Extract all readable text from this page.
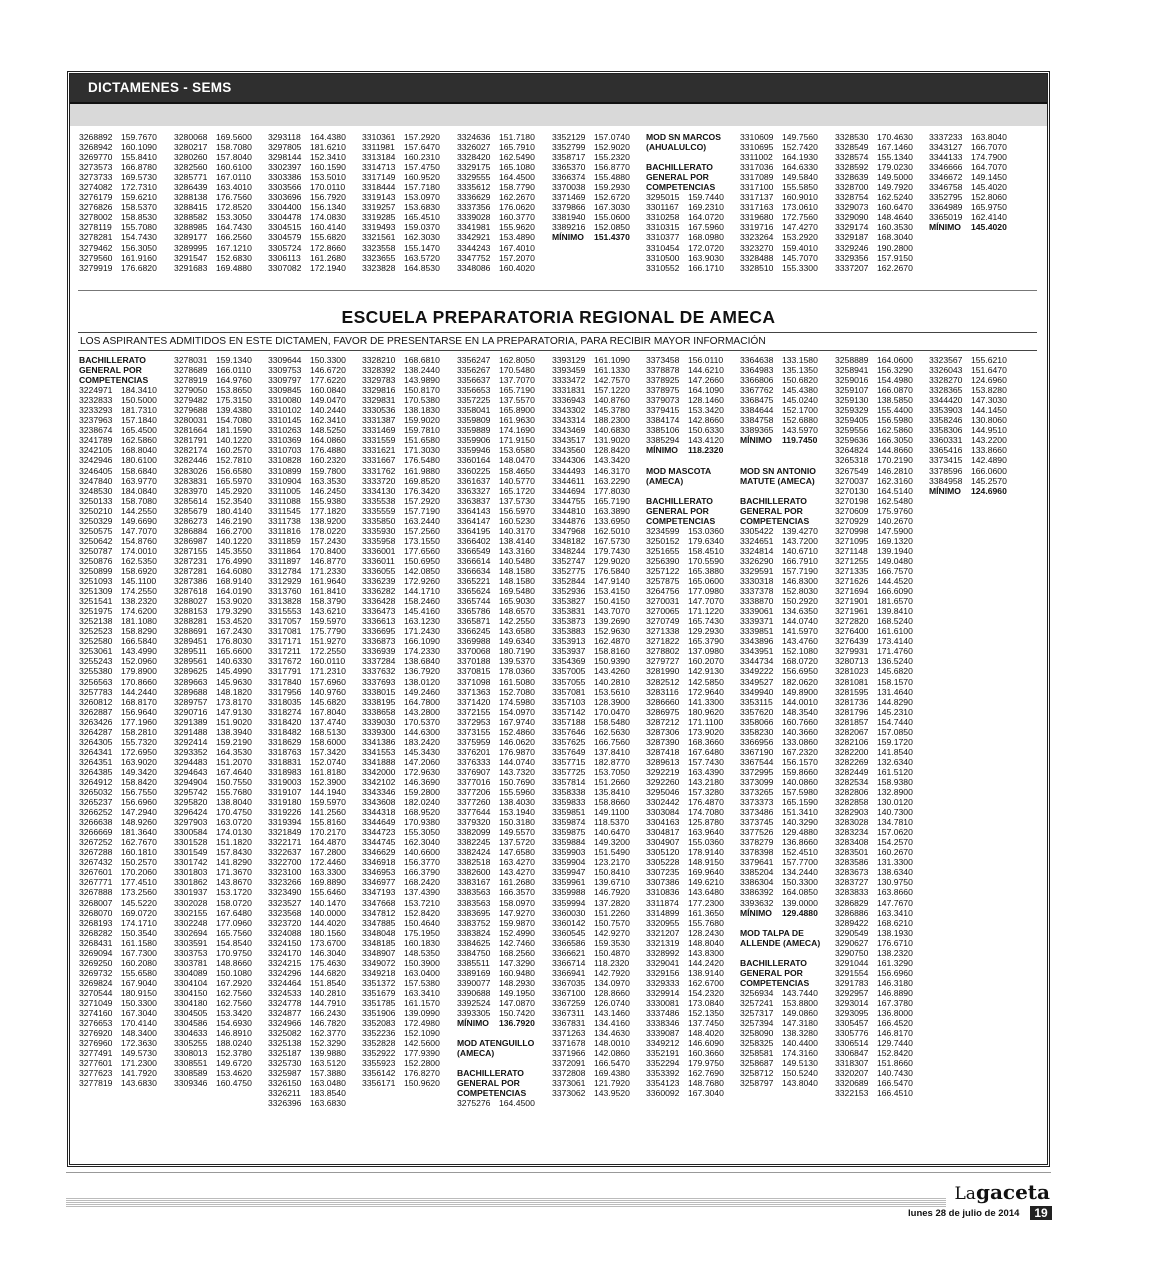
DICTAMENES - SEMS
3268892 159.7670
3268942 160.1090
3269770 155.8410
3273573 166.8780
3273733 169.5730
3274082 172.7310
3276179 159.6210
3276826 158.5370
3278002 158.8530
3278119 155.7080
3278281 154.7430
3279462 156.3050
3279560 161.9160
3279919 176.6820
3280068 169.5600
3280217 158.7080
3280260 157.8040
3282560 160.6100
3285771 167.0110
3286439 163.4010
3288138 176.7560
3288415 172.8520
3288582 153.3050
3288985 164.7430
3289177 166.2560
3289995 167.1210
3291547 152.6830
3291683 169.4880
3293118 164.4380
3297805 181.6210
3298144 152.3410
3302397 160.1590
3303386 153.5010
3303566 170.0110
3303696 156.7920
3304400 156.1340
3304478 174.0830
3304515 160.4140
3304579 155.6820
3305724 172.8660
3306113 161.2680
3307082 172.1940
3310361 157.2920
3311981 157.6470
3313184 160.2310
3314713 157.4750
3317149 160.9520
3318444 157.7180
3319143 153.0970
3319257 153.6830
3319285 165.4510
3319493 159.0370
3321561 162.3030
3323558 155.1470
3323655 163.5720
3323828 164.8530
3324636 151.7180
3326027 165.7910
3328420 162.5490
3329175 165.1080
3329555 164.4500
3335612 158.7790
3336629 162.2670
3337356 176.0620
3339028 160.3770
3341981 155.9620
3342921 153.4890
3344243 167.4010
3347752 157.2070
3348086 160.4020
3352129 157.0740
3352799 152.9020
3358717 155.2320
3365370 156.8770
3366374 155.4880
3370038 159.2930
3371469 152.6720
3379866 167.3030
3381940 155.0600
3389216 152.0850
MÍNIMO 151.4370
MOD SN MARCOS
(AHUALULCO)
BACHILLERATO
GENERAL POR
COMPETENCIAS
3295015 159.7440
3301167 169.2310
3310258 164.0720
3310315 167.5960
3310377 168.0980
3310454 172.0720
3310500 163.9030
3310552 166.1710
3310609 149.7560
3310695 152.7420
3311002 164.1930
3317036 164.6330
3317089 149.5840
3317100 155.5850
3317137 160.9010
3317163 173.0610
3319680 172.7560
3319716 147.4270
3323264 153.2920
3323270 159.4010
3328488 145.7070
3328510 155.3300
3328530 170.4630
3328549 167.1460
3328574 155.1340
3328592 179.0230
3328639 149.5000
3328700 149.7920
3328754 162.5240
3329073 160.6470
3329090 148.4640
3329174 160.3530
3329187 168.3040
3329246 190.2800
3329356 157.9150
3337207 162.2670
3337233 163.8040
3343127 166.7070
3344133 174.7900
3346666 164.7070
3346672 149.1450
3346758 145.4020
3352795 152.8060
3364989 165.9750
3365019 162.4140
MÍNIMO 145.4020
ESCUELA PREPARATORIA REGIONAL DE AMECA
LOS ASPIRANTES ADMITIDOS EN ESTE DICTAMEN, FAVOR DE PRESENTARSE EN LA PREPARATORIA, PARA RECIBIR MAYOR INFORMACIÓN
BACHILLERATO
GENERAL POR
COMPETENCIAS
3224971 184.3410
3232833 150.5000
3233293 181.7310
3237963 157.1840
3238674 165.4500
3241789 162.5860
3242105 168.8040
3242946 180.6100
3246405 158.6840
3247840 163.9770
3248530 184.0840
3250133 158.7080
3250210 144.2550
3250329 149.6690
3250575 147.7070
3250642 154.8760
3250787 174.0010
3250876 162.5350
3250899 158.6920
3251093 145.1100
3251309 174.2550
3251541 138.2320
3251975 174.6200
3252138 181.1080
3252523 158.8290
3252580 166.5840
3253061 143.4990
3255243 152.0960
3255380 179.8900
3256563 170.8660
3257783 144.2440
3260812 168.8170
3262887 156.9640
3263426 177.1960
3264287 158.2810
3264305 155.7320
3264341 172.6950
3264351 163.9020
3264385 149.3420
3264912 158.8420
3265032 156.7550
3265237 156.6960
3266252 147.2940
3266638 148.9260
3266669 181.3640
3267252 162.7670
3267288 160.1810
3267432 150.2570
3267601 170.2060
3267771 177.4510
3267888 173.2560
3268007 145.5220
3268070 169.0720
3268193 174.1710
3268282 150.3540
3268431 161.1580
3269094 167.7300
3269250 160.2080
3269732 155.6580
3269824 167.9040
3270544 180.9150
3271049 150.3300
3274160 167.3040
3276653 170.4140
3276920 148.3400
3276960 172.3630
3277491 149.5730
3277601 171.2300
3277623 141.7920
3277819 143.6830
3278031 159.1340
3278689 166.0110
3278919 164.9760
3279050 153.8650
3279482 175.3150
3279688 139.4380
3280031 154.7080
3281664 181.1590
3281791 140.1220
3282174 160.2570
3282446 152.7810
3283026 156.6580
3283831 165.5970
3283970 145.2920
3285614 152.3540
3285679 180.4140
3286273 146.2190
3286884 166.2700
3286987 140.1220
3287155 145.3550
3287231 176.4990
3287281 164.6080
3287386 168.9140
3287618 164.0190
3288027 153.9020
3288153 179.3290
3288281 153.4520
3288691 167.2430
3289451 176.8030
3289511 165.6600
3289561 140.6330
3289625 145.4990
3289663 145.9630
3289688 148.1820
3289757 173.8170
3290716 147.9130
3291389 151.9020
3291488 138.3940
3292414 159.2190
3293352 164.3530
3294483 151.2070
3294643 167.4640
3294904 150.7550
3295742 155.7680
3295820 138.8040
3296424 170.4750
3297903 163.0720
3300584 174.0130
3301528 151.1820
3301549 157.8430
3301742 141.8290
3301803 171.3670
3301862 143.8670
3301937 153.1720
3302028 158.0720
3302155 167.6480
3302248 177.0960
3302694 165.7560
3303591 154.8540
3303753 170.9750
3303781 148.8660
3304089 150.1080
3304104 167.2920
3304150 162.7560
3304180 162.7560
3304505 153.3420
3304586 154.6930
3304633 146.8910
3305255 188.0240
3308013 152.3780
3308551 149.6720
3308589 153.4620
3309346 160.4750
3309644 150.3300
3309753 146.6720
3309797 177.6220
3309845 160.0840
3310080 149.0470
3310102 140.2440
3310145 162.3410
3310263 148.5250
3310369 164.0860
3310703 176.4880
3310828 160.2320
3310899 159.7800
3310904 163.3530
3311005 146.2450
3311088 155.9380
3311545 177.1820
3311738 138.9200
3311816 178.0220
3311859 157.2430
3311864 170.8400
3311897 146.8770
3312784 171.2330
3312929 161.9640
3313760 161.8410
3313828 158.3790
3315553 143.6210
3317057 159.5970
3317081 175.7790
3317171 151.9270
3317211 172.2550
3317672 160.0110
3317791 171.2310
3317840 157.6960
3317956 140.9760
3318035 145.6820
3318274 167.8040
3318420 137.4740
3318482 168.5130
3318629 158.6000
3318763 157.3420
3318831 152.0740
3318983 161.8180
3319003 152.3900
3319107 144.1940
3319180 159.5970
3319226 141.2560
3319394 155.8160
3321849 170.2170
3322171 164.4870
3322637 167.2800
3322700 172.4460
3323100 163.3300
3323266 169.8890
3323490 155.6460
3323527 140.1470
3323568 140.0000
3323720 144.4020
3324088 180.1560
3324150 173.6700
3324170 146.3040
3324215 175.4630
3324296 144.6820
3324464 151.8540
3324533 140.2810
3324778 144.7910
3324877 166.2430
3324966 146.7820
3325082 162.3770
3325138 152.3290
3325187 139.9880
3325730 163.5120
3325987 157.3880
3326150 163.0480
3326211 183.8540
3326396 163.6830
3328210 168.6810
3328392 138.2440
3329783 143.9890
3329816 150.8170
3329831 170.5380
3330536 138.1830
3331387 159.9020
3331469 159.7810
3331559 151.6580
3331621 171.3030
3331667 176.5480
3331762 161.9880
3333720 169.8520
3334130 176.3420
3335538 157.2920
3335559 157.7190
3335850 163.2440
3335930 157.2560
3335958 173.1550
3336001 177.6560
3336011 150.6950
3336055 142.0850
3336239 172.9260
3336282 144.1710
3336428 158.2460
3336473 145.4160
3336613 163.1230
3336695 171.2430
3336873 166.1090
3336939 174.2330
3337284 138.6840
3337632 136.7920
3337693 138.0120
3338015 149.2460
3338195 164.7800
3338658 143.2800
3339030 170.5370
3339300 144.6300
3341386 183.2420
3341553 145.3430
3341888 147.2060
3342000 172.9630
3342102 146.3690
3343346 159.2800
3343608 182.0240
3344318 168.9520
3344649 170.9380
3344723 155.3050
3344745 162.3040
3346629 140.6600
3346918 156.3770
3346953 166.3790
3346977 168.2420
3347193 137.4390
3347668 153.7210
3347812 152.8420
3347885 150.4640
3348048 175.1950
3348185 160.1830
3348907 148.5350
3349072 150.3900
3349218 163.0400
3351372 157.5380
3351679 163.3410
3351785 161.1570
3351906 139.0990
3352083 172.4980
3352236 152.1090
3352828 142.5600
3352922 177.9390
3355923 152.2800
3356142 176.8270
3356171 150.9620
3356247 162.8050
3356267 170.5480
3356637 137.7070
3356653 165.7190
3357225 137.5570
3358041 165.8900
3359809 161.9630
3359889 174.1690
3359906 171.9150
3359946 153.6580
3360164 148.0470
3360225 158.4650
3361637 140.5770
3363327 165.1720
3363837 137.5730
3364143 156.5970
3364147 160.5230
3364195 140.3170
3366402 138.4140
3366549 143.3160
3366614 140.5480
3366634 148.1580
3365221 148.1580
3365624 169.5480
3365744 165.9030
3365786 148.6570
3365871 142.2550
3366245 143.6580
3369988 149.6340
3370068 180.7190
3370188 139.5370
3370815 178.0360
3371098 161.5080
3371363 152.7080
3371420 174.5980
3372155 154.0970
3372953 167.9740
3373155 152.4860
3375959 146.0620
3376201 176.9870
3376333 144.0740
3376907 143.7320
3377016 150.7690
3377206 155.5960
3377260 138.4030
3377644 153.1940
3379320 150.3180
3382099 149.5570
3382245 137.5720
3382424 147.6580
3382518 163.4270
3382600 143.4270
3383167 161.2680
3383563 166.3570
3383563 158.0970
3383695 147.9270
3383752 159.9870
3383824 152.4990
3384625 142.7460
3384750 168.2560
3385511 147.3290
3389169 160.9480
3390077 148.2930
3390688 149.1950
3392524 147.0870
3393305 150.7420
MÍNIMO 136.7920
MOD ATENGUILLO
(AMECA)
BACHILLERATO
GENERAL POR
COMPETENCIAS
3275276 164.4500
3393129 161.1090
3393459 161.1330
3333472 142.7570
3331831 157.1220
3336943 140.8760
3343302 145.3780
3343314 188.2300
3343469 140.6830
3343517 131.9020
3343560 128.8420
3344306 143.3420
3344493 146.3170
3344611 163.2290
3344694 177.8030
3344755 165.7190
3344810 163.3890
3344876 133.6950
3347968 162.5010
3348182 167.5730
3348244 179.7430
3352747 129.9020
3352775 176.5840
3352844 147.9140
3352936 153.4150
3353827 150.4150
3353831 143.7070
3353873 139.2690
3353883 152.9630
3353913 162.4870
3353937 158.8160
3354369 150.9390
3357005 143.4260
3357055 140.2810
3357081 153.5610
3357103 128.3900
3357142 170.0470
3357188 158.5480
3357646 162.5630
3357625 166.7560
3357649 137.8410
3357715 182.8770
3357725 153.7050
3357814 151.2660
3358338 135.8410
3359833 158.8660
3359851 149.1100
3359874 118.5370
3359875 140.6470
3359884 149.3200
3359903 151.5490
3359904 123.2170
3359947 150.8410
3359961 139.6710
3359988 146.7920
3359994 137.2820
3360030 151.2260
3360142 150.7570
3360545 142.9270
3366586 159.3530
3366621 150.4870
3366714 118.2320
3366941 142.7920
3367035 134.0970
3367100 128.8660
3367259 126.0740
3367311 143.1460
3367831 134.4160
3371263 134.4630
3371678 148.0010
3371966 142.0860
3372091 166.5470
3372808 169.4380
3373061 121.7920
3373062 143.9520
3373458 156.0110
3378878 144.6210
3378925 147.2660
3378975 164.1090
3379073 128.1460
3379415 153.3420
3384174 142.8660
3385106 150.6330
3385294 143.4120
MÍNIMO 118.2320
MOD MASCOTA
(AMECA)
BACHILLERATO
GENERAL POR
COMPETENCIAS
3234599 153.0360
3250152 179.6340
3251655 158.4510
3256390 170.5590
3257122 165.3880
3257875 165.0600
3264756 177.0980
3270031 147.7070
3270065 171.1220
3270749 165.7430
3271338 129.2930
3271822 165.3790
3278802 137.0980
3279727 160.2070
3281990 142.9130
3282512 142.5850
3283116 172.9640
3286660 141.3300
3286975 180.9620
3287212 171.1100
3287306 173.9020
3287390 168.3660
3287418 167.6480
3289613 157.7430
3292219 163.4390
3292260 143.2180
3295046 157.3280
3302442 176.4870
3303084 174.7080
3304163 125.8780
3304817 163.9640
3304907 155.0360
3305120 178.9140
3305228 148.9150
3307235 169.9640
3307386 149.6210
3310836 143.6480
3311874 177.2300
3314899 161.3650
3320955 155.7680
3321207 128.2430
3321319 148.8040
3328992 143.8300
3329041 144.2420
3329156 138.9140
3329333 162.6700
3329914 154.2320
3330081 173.0840
3337486 152.1350
3338346 137.7450
3339087 148.4020
3349212 146.6090
3352191 160.3660
3352294 179.9750
3353392 162.7690
3354123 148.7680
3360092 167.3040
3364638 133.1580
3364983 135.1350
3366806 150.6820
3367762 145.4380
3368475 145.0240
3384644 152.1700
3384758 152.6880
3389365 143.5970
MÍNIMO 119.7450
MOD SN ANTONIO
MATUTE (AMECA)
BACHILLERATO
GENERAL POR
COMPETENCIAS
3305422 139.4270
3324651 143.7200
3324814 140.6710
3326290 166.7910
3329591 157.7190
3330318 146.8300
3337378 152.8030
3338870 150.2920
3339061 134.6350
3339371 144.0740
3339851 141.5970
3343896 143.4760
3343951 152.1080
3344734 168.0720
3349222 156.6950
3349527 182.0620
3349940 149.8900
3353115 144.0010
3357620 148.3540
3358066 160.7660
3358230 140.3660
3366956 133.0860
3367190 167.2320
3367544 156.1570
3372995 159.8660
3373099 140.0860
3373265 157.5980
3373373 165.1590
3373486 151.3410
3373745 140.3290
3377526 129.4880
3378279 136.8660
3378398 152.4510
3379641 157.7700
3385204 134.2440
3386304 150.3300
3386392 164.0850
3393632 139.0000
MÍNIMO 129.4880
MOD TALPA DE
ALLENDE (AMECA)
BACHILLERATO
GENERAL POR
COMPETENCIAS
3256934 143.7440
3257241 153.8800
3257317 149.0860
3257394 147.3180
3258090 138.3280
3258325 140.4400
3258581 174.3160
3258687 149.5130
3258712 150.5240
3258797 143.8040
3258889 164.0600
3258941 156.3290
3259016 154.4980
3259107 166.0870
3259130 138.5850
3259329 155.4400
3259405 156.5980
3259556 162.5860
3259636 166.3050
3264824 144.8660
3265318 170.2190
3267549 146.2810
3270037 162.3160
3270130 164.5140
3270198 162.5480
3270609 175.9760
3270929 140.2670
3270998 147.5900
3271095 169.1320
3271148 139.1940
3271255 149.0480
3271335 166.7570
3271626 144.4520
3271694 166.6090
3271901 181.6570
3271961 139.8410
3272820 168.5240
3276400 161.6100
3276439 173.4140
3279931 171.4760
3280713 136.5240
3281023 145.6820
3281081 158.1570
3281595 131.4640
3281736 144.8290
3281796 145.2310
3281857 154.7440
3282067 157.0850
3282106 159.1720
3282200 141.8540
3282269 132.6340
3282449 161.5120
3282534 158.9380
3282806 132.8900
3282858 130.0120
3282903 140.7300
3283028 134.7810
3283234 157.0620
3283408 154.2570
3283501 160.2670
3283586 131.3300
3283673 138.6340
3283727 130.9750
3283833 163.8660
3286829 147.7670
3286886 163.3410
3289422 168.6210
3290549 138.1930
3290627 176.6710
3290750 138.2320
3291044 161.3290
3291554 156.6960
3291783 146.3180
3292957 146.8890
3293014 167.3780
3293095 136.8000
3305457 166.4520
3305776 146.8170
3306514 129.7440
3306847 152.8420
3318307 151.8660
3320207 140.7430
3320689 166.5470
3322153 166.4510
3323567 155.6210
3326043 151.6470
3328270 124.6960
3328365 153.8280
3344420 147.3030
3353903 144.1450
3358246 130.8060
3358306 144.9510
3360331 143.2200
3365416 133.8660
3373415 142.4890
3378596 166.0600
3384958 145.2570
MÍNIMO 124.6960
Lagaceta
lunes 28 de julio de 2014	19
